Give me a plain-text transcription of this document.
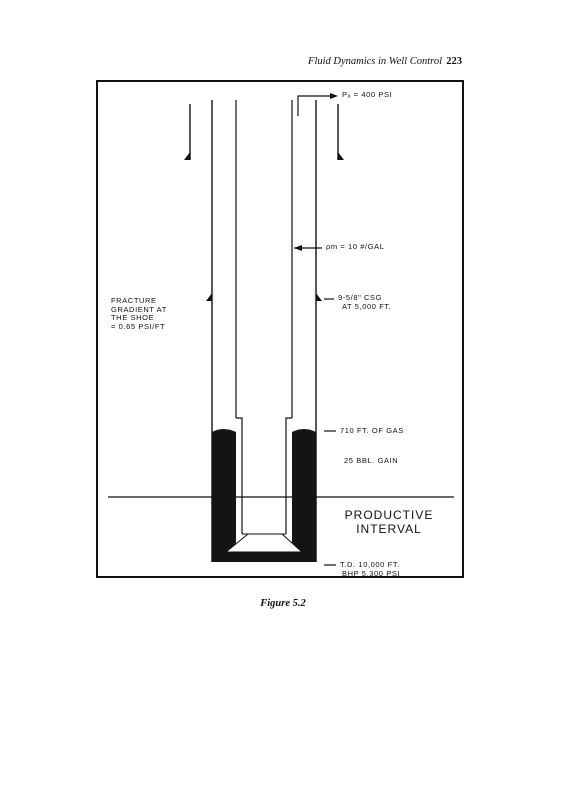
Fluid Dynamics in Well Control 223
Pₐ = 400 PSI
ρm = 10 #/GAL
FRACTURE
GRADIENT AT
THE SHOE
= 0.65 PSI/FT
9-5/8" CSG
AT 5,000 FT.
710 FT. OF GAS
25 BBL. GAIN
PRODUCTIVE
INTERVAL
T.D. 10,000 FT.
BHP 5,300 PSI
Figure 5.2
